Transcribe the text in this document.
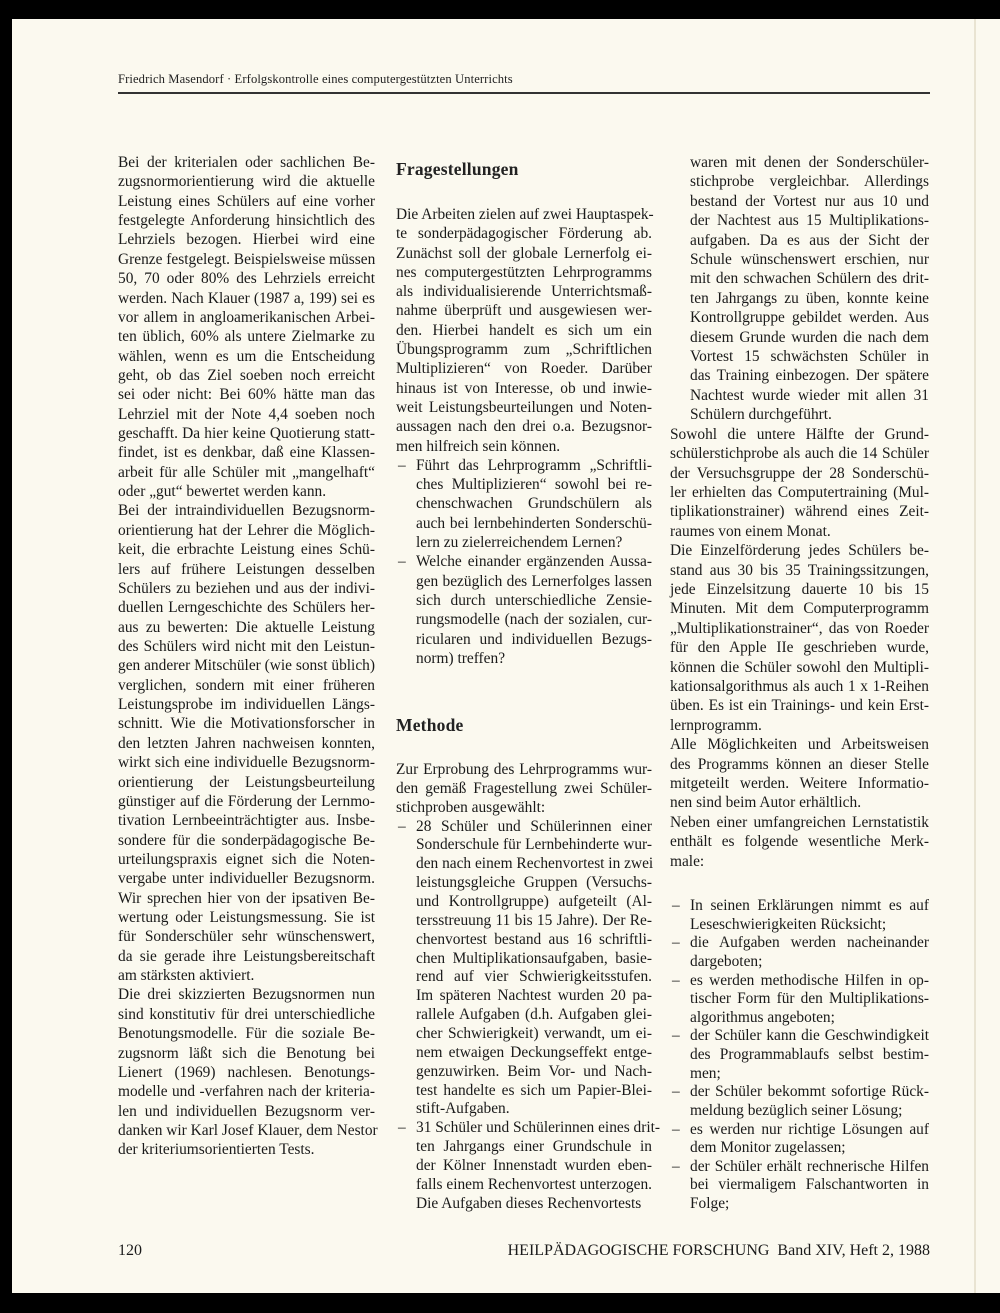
Friedrich Masendorf · Erfolgskontrolle eines computergestützten Unterrichts
Bei der kriterialen oder sachlichen Be-
zugsnormorientierung wird die aktuelle
Leistung eines Schülers auf eine vorher
festgelegte Anforderung hinsichtlich des
Lehrziels bezogen. Hierbei wird eine
Grenze festgelegt. Beispielsweise müssen
50, 70 oder 80% des Lehrziels erreicht
werden. Nach Klauer (1987 a, 199) sei es
vor allem in angloamerikanischen Arbei-
ten üblich, 60% als untere Zielmarke zu
wählen, wenn es um die Entscheidung
geht, ob das Ziel soeben noch erreicht
sei oder nicht: Bei 60% hätte man das
Lehrziel mit der Note 4,4 soeben noch
geschafft. Da hier keine Quotierung statt-
findet, ist es denkbar, daß eine Klassen-
arbeit für alle Schüler mit „mangelhaft“
oder „gut“ bewertet werden kann.
Bei der intraindividuellen Bezugsnorm-
orientierung hat der Lehrer die Möglich-
keit, die erbrachte Leistung eines Schü-
lers auf frühere Leistungen desselben
Schülers zu beziehen und aus der indivi-
duellen Lerngeschichte des Schülers her-
aus zu bewerten: Die aktuelle Leistung
des Schülers wird nicht mit den Leistun-
gen anderer Mitschüler (wie sonst üblich)
verglichen, sondern mit einer früheren
Leistungsprobe im individuellen Längs-
schnitt. Wie die Motivationsforscher in
den letzten Jahren nachweisen konnten,
wirkt sich eine individuelle Bezugsnorm-
orientierung der Leistungsbeurteilung
günstiger auf die Förderung der Lernmo-
tivation Lernbeeinträchtigter aus. Insbe-
sondere für die sonderpädagogische Be-
urteilungspraxis eignet sich die Noten-
vergabe unter individueller Bezugsnorm.
Wir sprechen hier von der ipsativen Be-
wertung oder Leistungsmessung. Sie ist
für Sonderschüler sehr wünschenswert,
da sie gerade ihre Leistungsbereitschaft
am stärksten aktiviert.
Die drei skizzierten Bezugsnormen nun
sind konstitutiv für drei unterschiedliche
Benotungsmodelle. Für die soziale Be-
zugsnorm läßt sich die Benotung bei
Lienert (1969) nachlesen. Benotungs-
modelle und -verfahren nach der kriteria-
len und individuellen Bezugsnorm ver-
danken wir Karl Josef Klauer, dem Nestor
der kriteriumsorientierten Tests.
Fragestellungen
Die Arbeiten zielen auf zwei Hauptaspek-
te sonderpädagogischer Förderung ab.
Zunächst soll der globale Lernerfolg ei-
nes computergestützten Lehrprogramms
als individualisierende Unterrichtsmaß-
nahme überprüft und ausgewiesen wer-
den. Hierbei handelt es sich um ein
Übungsprogramm zum „Schriftlichen
Multiplizieren“ von Roeder. Darüber
hinaus ist von Interesse, ob und inwie-
weit Leistungsbeurteilungen und Noten-
aussagen nach den drei o.a. Bezugsnor-
men hilfreich sein können.
– Führt das Lehrprogramm „Schriftli-
ches Multiplizieren“ sowohl bei re-
chenschwachen Grundschülern als
auch bei lernbehinderten Sonderschü-
lern zu zielerreichendem Lernen?
– Welche einander ergänzenden Aussa-
gen bezüglich des Lernerfolges lassen
sich durch unterschiedliche Zensie-
rungsmodelle (nach der sozialen, cur-
ricularen und individuellen Bezugs-
norm) treffen?
Methode
Zur Erprobung des Lehrprogramms wur-
den gemäß Fragestellung zwei Schüler-
stichproben ausgewählt:
– 28 Schüler und Schülerinnen einer
Sonderschule für Lernbehinderte wur-
den nach einem Rechenvortest in zwei
leistungsgleiche Gruppen (Versuchs-
und Kontrollgruppe) aufgeteilt (Al-
tersstreuung 11 bis 15 Jahre). Der Re-
chenvortest bestand aus 16 schriftli-
chen Multiplikationsaufgaben, basie-
rend auf vier Schwierigkeitsstufen.
Im späteren Nachtest wurden 20 pa-
rallele Aufgaben (d.h. Aufgaben glei-
cher Schwierigkeit) verwandt, um ei-
nem etwaigen Deckungseffekt entge-
genzuwirken. Beim Vor- und Nach-
test handelte es sich um Papier-Blei-
stift-Aufgaben.
– 31 Schüler und Schülerinnen eines drit-
ten Jahrgangs einer Grundschule in
der Kölner Innenstadt wurden eben-
falls einem Rechenvortest unterzogen.
Die Aufgaben dieses Rechenvortests
waren mit denen der Sonderschüler-
stichprobe vergleichbar. Allerdings
bestand der Vortest nur aus 10 und
der Nachtest aus 15 Multiplikations-
aufgaben. Da es aus der Sicht der
Schule wünschenswert erschien, nur
mit den schwachen Schülern des drit-
ten Jahrgangs zu üben, konnte keine
Kontrollgruppe gebildet werden. Aus
diesem Grunde wurden die nach dem
Vortest 15 schwächsten Schüler in
das Training einbezogen. Der spätere
Nachtest wurde wieder mit allen 31
Schülern durchgeführt.
Sowohl die untere Hälfte der Grund-
schülerstichprobe als auch die 14 Schüler
der Versuchsgruppe der 28 Sonderschü-
ler erhielten das Computertraining (Mul-
tiplikationstrainer) während eines Zeit-
raumes von einem Monat.
Die Einzelförderung jedes Schülers be-
stand aus 30 bis 35 Trainingssitzungen,
jede Einzelsitzung dauerte 10 bis 15
Minuten. Mit dem Computerprogramm
„Multiplikationstrainer“, das von Roeder
für den Apple IIe geschrieben wurde,
können die Schüler sowohl den Multipli-
kationsalgorithmus als auch 1 x 1-Reihen
üben. Es ist ein Trainings- und kein Erst-
lernprogramm.
Alle Möglichkeiten und Arbeitsweisen
des Programms können an dieser Stelle
mitgeteilt werden. Weitere Informatio-
nen sind beim Autor erhältlich.
Neben einer umfangreichen Lernstatistik
enthält es folgende wesentliche Merk-
male:
– In seinen Erklärungen nimmt es auf
Leseschwierigkeiten Rücksicht;
– die Aufgaben werden nacheinander
dargeboten;
– es werden methodische Hilfen in op-
tischer Form für den Multiplikations-
algorithmus angeboten;
– der Schüler kann die Geschwindigkeit
des Programmablaufs selbst bestim-
men;
– der Schüler bekommt sofortige Rück-
meldung bezüglich seiner Lösung;
– es werden nur richtige Lösungen auf
dem Monitor zugelassen;
– der Schüler erhält rechnerische Hilfen
bei viermaligem Falschantworten in
Folge;
120	HEILPÄDAGOGISCHE FORSCHUNG Band XIV, Heft 2, 1988
